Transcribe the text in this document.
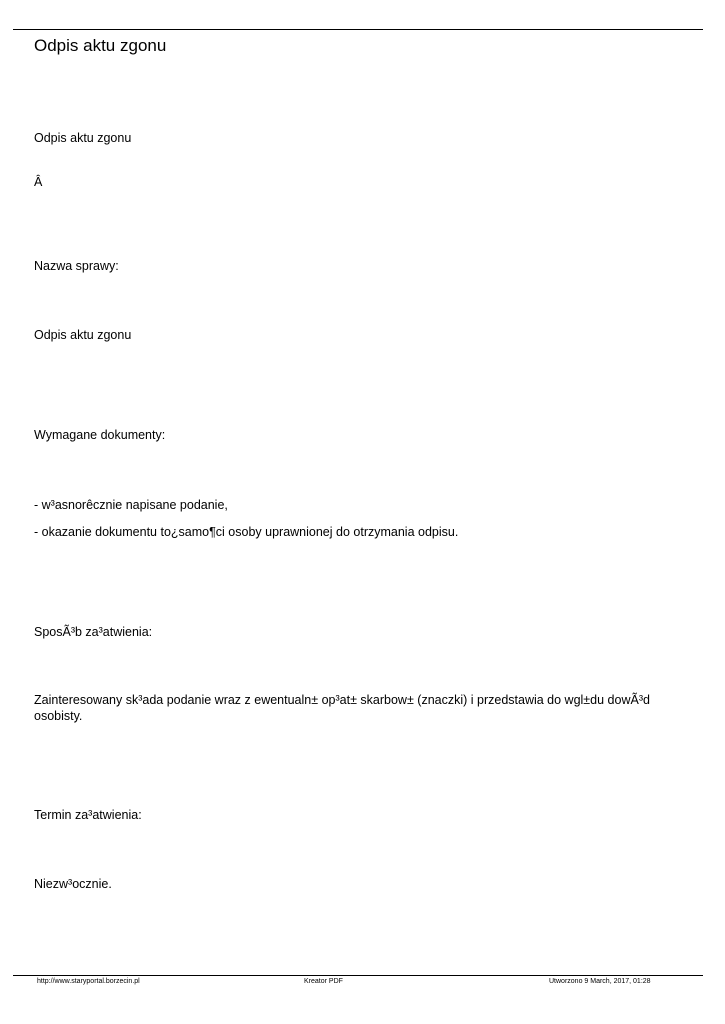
Odpis aktu zgonu
Odpis aktu zgonu
Â
Nazwa sprawy:
Odpis aktu zgonu
Wymagane dokumenty:
- w³asnorêcznie napisane podanie,
- okazanie dokumentu to¿samo¶ci osoby uprawnionej do otrzymania odpisu.
SposÃ³b za³atwienia:
Zainteresowany sk³ada podanie wraz z ewentualn± op³at± skarbow± (znaczki) i przedstawia do wgl±du dowÃ³d osobisty.
Termin za³atwienia:
Niezw³ocznie.
http://www.staryportal.borzecin.pl	Kreator PDF	Utworzono 9 March, 2017, 01:28
